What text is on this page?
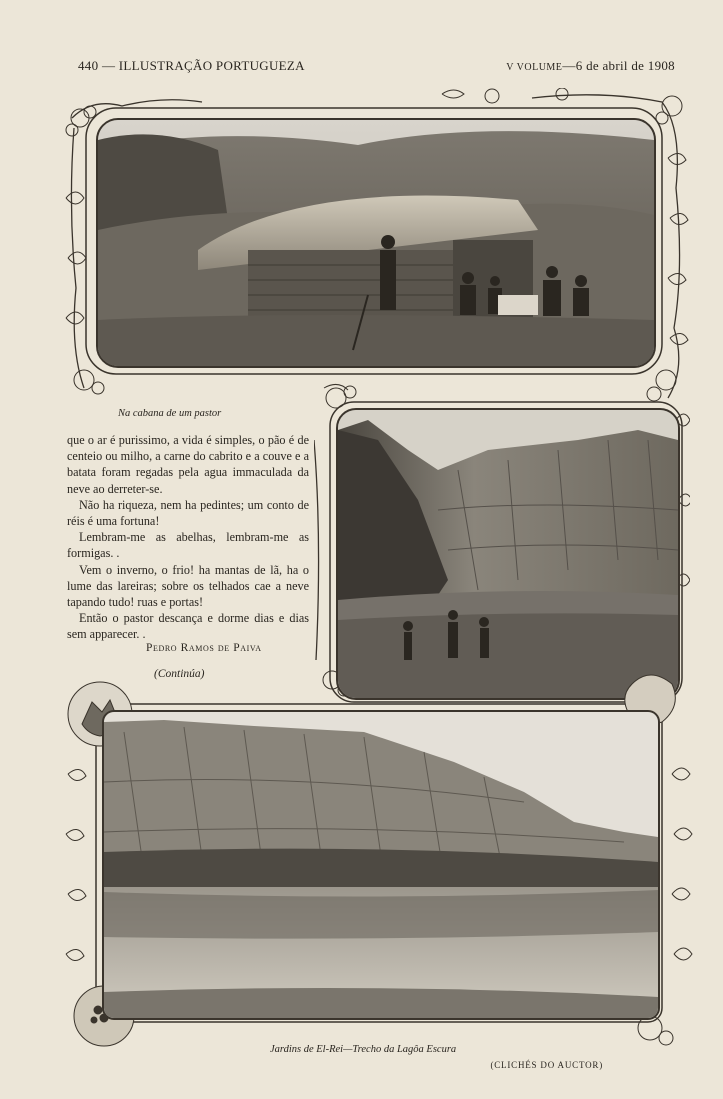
440 — ILLUSTRAÇÃO PORTUGUEZA	V VOLUME—6 de abril de 1908
Na cabana de um pastor

que o ar é purissimo, a vida é simples, o pão é de centeio ou milho, a carne do cabrito e a couve e a batata foram regadas pela agua immaculada da neve ao derreter-se.

Não ha riqueza, nem ha pedintes; um conto de réis é uma fortuna!

Lembram-me as abelhas, lembram-me as formigas. .

Vem o inverno, o frio! ha mantas de lã, ha o lume das lareiras; sobre os telhados cae a neve tapando tudo! ruas e portas!

Então o pastor descança e dorme dias e dias sem apparecer. .

Pedro Ramos de Paiva
(Continúa)
Jardins de El-Rei—Trecho da Lagôa Escura
(CLICHÉS DO AUCTOR)
